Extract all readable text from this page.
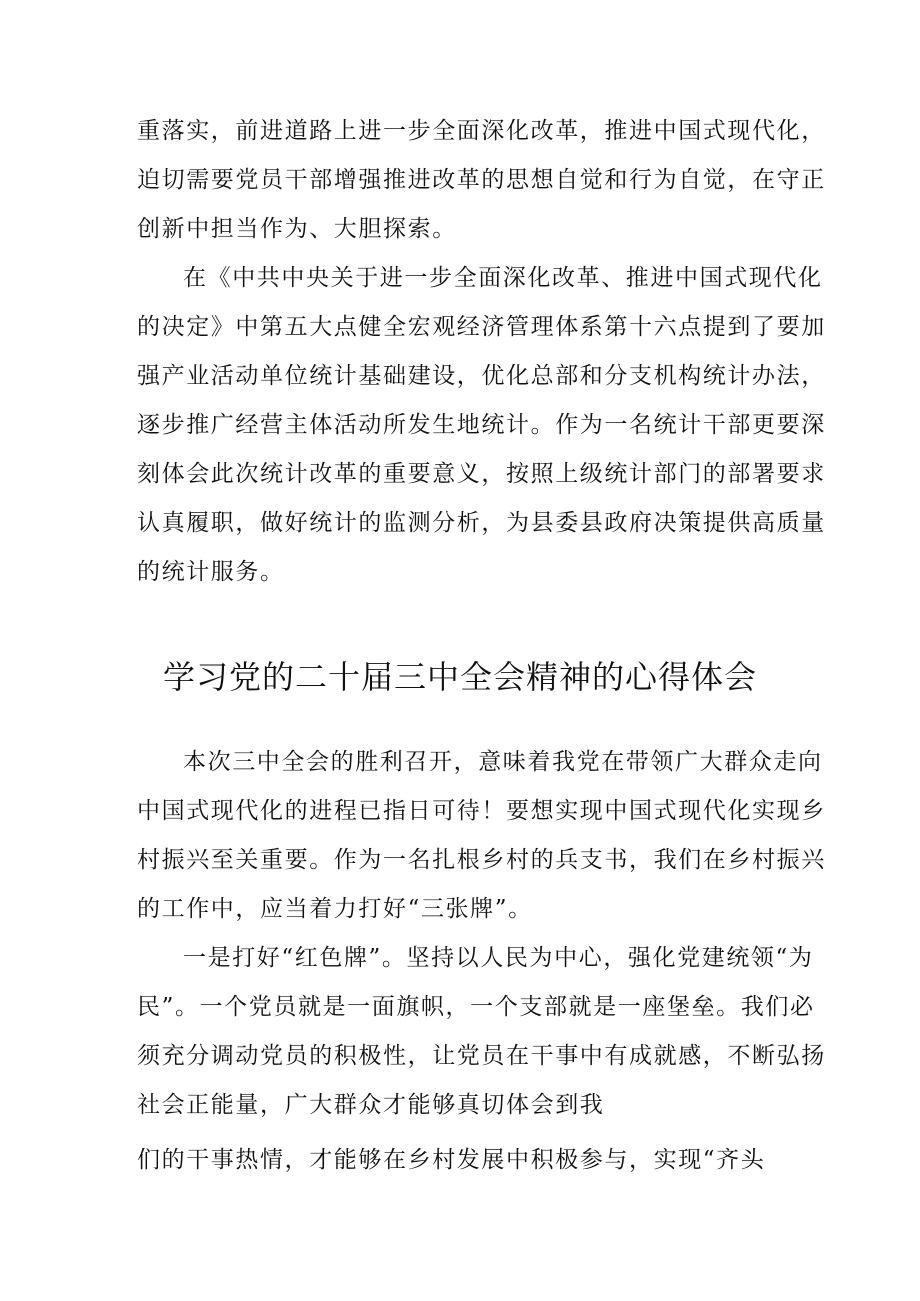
重落实，前进道路上进一步全面深化改革，推进中国式现代化，
迫切需要党员干部增强推进改革的思想自觉和行为自觉，在守正
创新中担当作为、大胆探索。
在《中共中央关于进一步全面深化改革、推进中国式现代化
的决定》中第五大点健全宏观经济管理体系第十六点提到了要加
强产业活动单位统计基础建设，优化总部和分支机构统计办法，
逐步推广经营主体活动所发生地统计。作为一名统计干部更要深
刻体会此次统计改革的重要意义，按照上级统计部门的部署要求
认真履职，做好统计的监测分析，为县委县政府决策提供高质量
的统计服务。
学习党的二十届三中全会精神的心得体会
本次三中全会的胜利召开，意味着我党在带领广大群众走向
中国式现代化的进程已指日可待！要想实现中国式现代化实现乡
村振兴至关重要。作为一名扎根乡村的兵支书，我们在乡村振兴
的工作中，应当着力打好“三张牌”。
一是打好“红色牌”。坚持以人民为中心，强化党建统领“为
民”。一个党员就是一面旗帜，一个支部就是一座堡垒。我们必
须充分调动党员的积极性，让党员在干事中有成就感，不断弘扬
社会正能量，广大群众才能够真切体会到我
们的干事热情，才能够在乡村发展中积极参与，实现“齐头
